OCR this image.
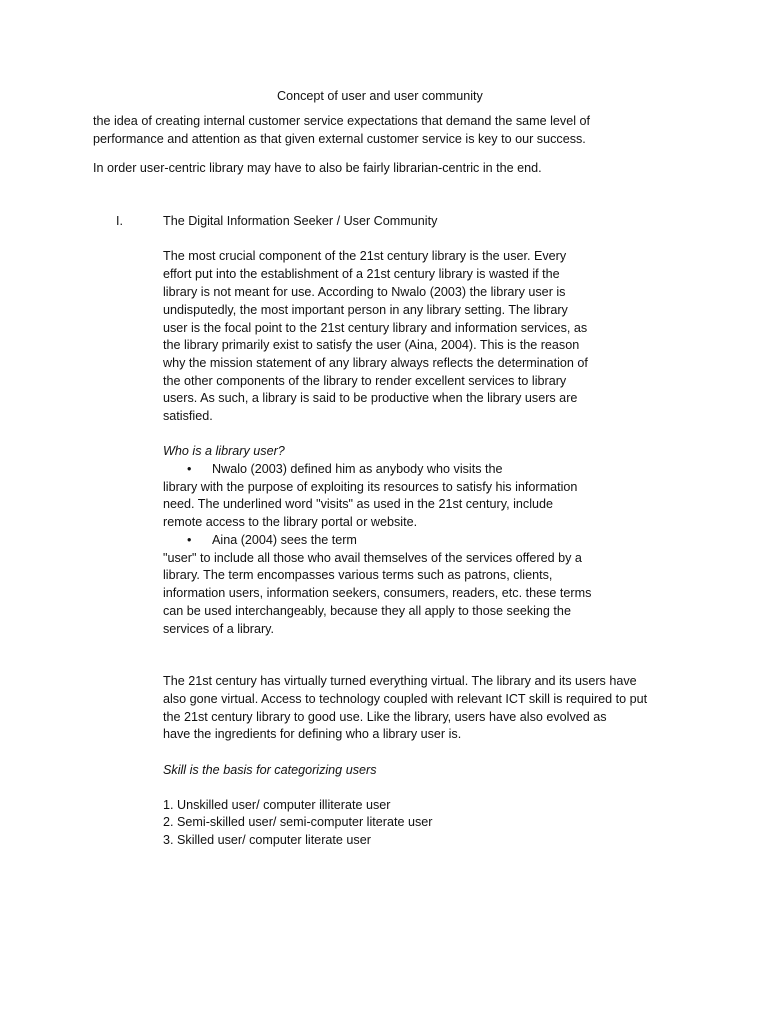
Concept of user and user community
the idea of creating internal customer service expectations that demand the same level of
performance and attention as that given external customer service is key to our success.
In order user-centric library may have to also be fairly librarian-centric in the end.
I.	The Digital Information Seeker / User Community
The most crucial component of the 21st century library is the user. Every
effort put into the establishment of a 21st century library is wasted if the
library is not meant for use. According to Nwalo (2003) the library user is
undisputedly, the most important person in any library setting. The library
user is the focal point to the 21st century library and information services, as
the library primarily exist to satisfy the user (Aina, 2004). This is the reason
why the mission statement of any library always reflects the determination of
the other components of the library to render excellent services to library
users. As such, a library is said to be productive when the library users are
satisfied.
Who is a library user?
• Nwalo (2003) defined him as anybody who visits the
library with the purpose of exploiting its resources to satisfy his information
need. The underlined word "visits" as used in the 21st century, include
remote access to the library portal or website.
• Aina (2004) sees the term
"user" to include all those who avail themselves of the services offered by a
library. The term encompasses various terms such as patrons, clients,
information users, information seekers, consumers, readers, etc. these terms
can be used interchangeably, because they all apply to those seeking the
services of a library.
The 21st century has virtually turned everything virtual. The library and its users have
also gone virtual. Access to technology coupled with relevant ICT skill is required to put
the 21st century library to good use. Like the library, users have also evolved as
have the ingredients for defining who a library user is.
Skill is the basis for categorizing users
1. Unskilled user/ computer illiterate user
2. Semi-skilled user/ semi-computer literate user
3. Skilled user/ computer literate user
